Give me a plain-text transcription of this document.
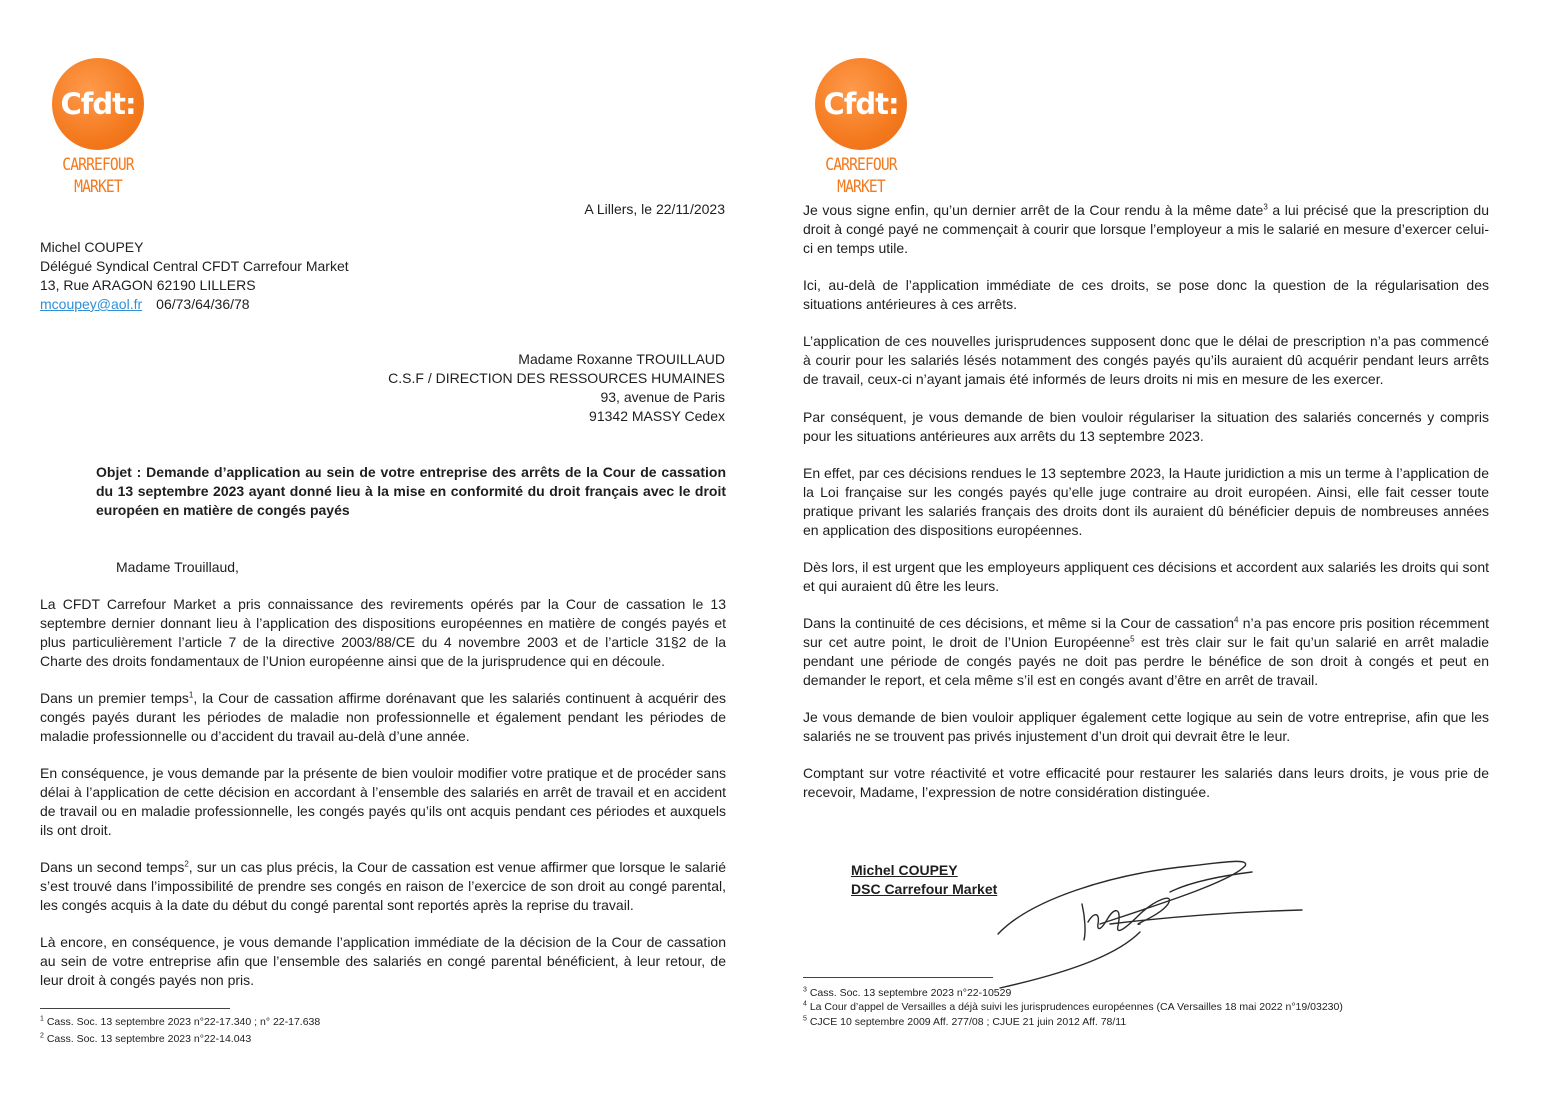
Cfdt:
CARREFOUR
MARKET

A Lillers, le 22/11/2023

Michel COUPEY
Délégué Syndical Central CFDT Carrefour Market
13, Rue ARAGON 62190 LILLERS
mcoupey@aol.fr 06/73/64/36/78
Madame Roxanne TROUILLAUD
C.S.F / DIRECTION DES RESSOURCES HUMAINES
93, avenue de Paris
91342 MASSY Cedex

Objet : Demande d’application au sein de votre entreprise des arrêts de la Cour de cassation du 13 septembre 2023 ayant donné lieu à la mise en conformité du droit français avec le droit européen en matière de congés payés

Madame Trouillaud,

La CFDT Carrefour Market a pris connaissance des revirements opérés par la Cour de cassation le 13 septembre dernier donnant lieu à l’application des dispositions européennes en matière de congés payés et plus particulièrement l’article 7 de la directive 2003/88/CE du 4 novembre 2003 et de l’article 31§2 de la Charte des droits fondamentaux de l’Union européenne ainsi que de la jurisprudence qui en découle.

Dans un premier temps$^1$, la Cour de cassation affirme dorénavant que les salariés continuent à acquérir des congés payés durant les périodes de maladie non professionnelle et également pendant les périodes de maladie professionnelle ou d’accident du travail au-delà d’une année.

En conséquence, je vous demande par la présente de bien vouloir modifier votre pratique et de procéder sans délai à l’application de cette décision en accordant à l’ensemble des salariés en arrêt de travail et en accident de travail ou en maladie professionnelle, les congés payés qu’ils ont acquis pendant ces périodes et auxquels ils ont droit.

Dans un second temps$^2$, sur un cas plus précis, la Cour de cassation est venue affirmer que lorsque le salarié s’est trouvé dans l’impossibilité de prendre ses congés en raison de l’exercice de son droit au congé parental, les congés acquis à la date du début du congé parental sont reportés après la reprise du travail.

Là encore, en conséquence, je vous demande l’application immédiate de la décision de la Cour de cassation au sein de votre entreprise afin que l’ensemble des salariés en congé parental bénéficient, à leur retour, de leur droit à congés payés non pris.

$^1$ Cass. Soc. 13 septembre 2023 n°22-17.340 ; n° 22-17.638
$^2$ Cass. Soc. 13 septembre 2023 n°22-14.043
Cfdt:
CARREFOUR
MARKET

Je vous signe enfin, qu’un dernier arrêt de la Cour rendu à la même date$^3$ a lui précisé que la prescription du droit à congé payé ne commençait à courir que lorsque l’employeur a mis le salarié en mesure d’exercer celui-ci en temps utile.

Ici, au-delà de l’application immédiate de ces droits, se pose donc la question de la régularisation des situations antérieures à ces arrêts.

L’application de ces nouvelles jurisprudences supposent donc que le délai de prescription n’a pas commencé à courir pour les salariés lésés notamment des congés payés qu’ils auraient dû acquérir pendant leurs arrêts de travail, ceux-ci n’ayant jamais été informés de leurs droits ni mis en mesure de les exercer.

Par conséquent, je vous demande de bien vouloir régulariser la situation des salariés concernés y compris pour les situations antérieures aux arrêts du 13 septembre 2023.

En effet, par ces décisions rendues le 13 septembre 2023, la Haute juridiction a mis un terme à l’application de la Loi française sur les congés payés qu’elle juge contraire au droit européen. Ainsi, elle fait cesser toute pratique privant les salariés français des droits dont ils auraient dû bénéficier depuis de nombreuses années en application des dispositions européennes.

Dès lors, il est urgent que les employeurs appliquent ces décisions et accordent aux salariés les droits qui sont et qui auraient dû être les leurs.

Dans la continuité de ces décisions, et même si la Cour de cassation$^4$ n’a pas encore pris position récemment sur cet autre point, le droit de l’Union Européenne$^5$ est très clair sur le fait qu’un salarié en arrêt maladie pendant une période de congés payés ne doit pas perdre le bénéfice de son droit à congés et peut en demander le report, et cela même s’il est en congés avant d’être en arrêt de travail.

Je vous demande de bien vouloir appliquer également cette logique au sein de votre entreprise, afin que les salariés ne se trouvent pas privés injustement d’un droit qui devrait être le leur.

Comptant sur votre réactivité et votre efficacité pour restaurer les salariés dans leurs droits, je vous prie de recevoir, Madame, l’expression de notre considération distinguée.

Michel COUPEY
DSC Carrefour Market
$^3$ Cass. Soc. 13 septembre 2023 n°22-10529
$^4$ La Cour d’appel de Versailles a déjà suivi les jurisprudences européennes (CA Versailles 18 mai 2022 n°19/03230)
$^5$ CJCE 10 septembre 2009 Aff. 277/08 ; CJUE 21 juin 2012 Aff. 78/11
